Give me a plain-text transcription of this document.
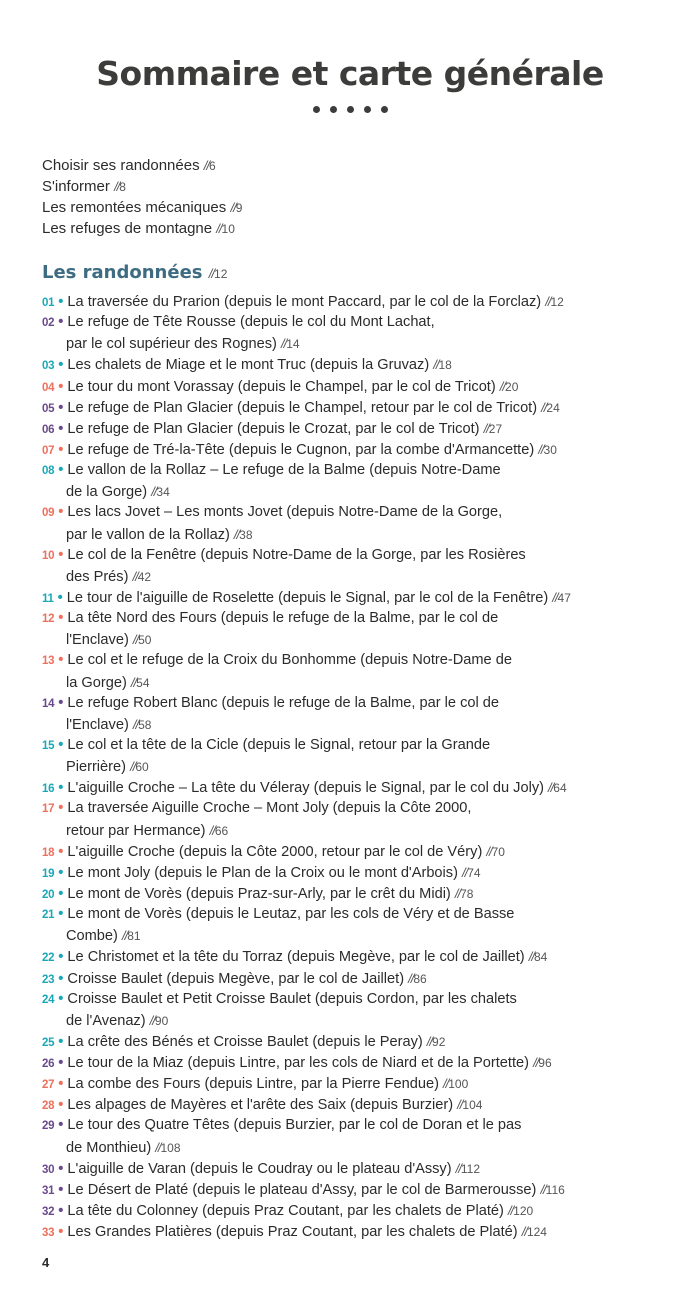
Sommaire et carte générale
Choisir ses randonnées //6
S'informer //8
Les remontées mécaniques //9
Les refuges de montagne //10
Les randonnées //12
01 • La traversée du Prarion (depuis le mont Paccard, par le col de la Forclaz) //12
02 • Le refuge de Tête Rousse (depuis le col du Mont Lachat,
par le col supérieur des Rognes) //14
03 • Les chalets de Miage et le mont Truc (depuis la Gruvaz) //18
04 • Le tour du mont Vorassay (depuis le Champel, par le col de Tricot) //20
05 • Le refuge de Plan Glacier (depuis le Champel, retour par le col de Tricot) //24
06 • Le refuge de Plan Glacier (depuis le Crozat, par le col de Tricot) //27
07 • Le refuge de Tré-la-Tête (depuis le Cugnon, par la combe d'Armancette) //30
08 • Le vallon de la Rollaz – Le refuge de la Balme (depuis Notre-Dame
de la Gorge) //34
09 • Les lacs Jovet – Les monts Jovet (depuis Notre-Dame de la Gorge,
par le vallon de la Rollaz) //38
10 • Le col de la Fenêtre (depuis Notre-Dame de la Gorge, par les Rosières
des Prés) //42
11 • Le tour de l'aiguille de Roselette (depuis le Signal, par le col de la Fenêtre) //47
12 • La tête Nord des Fours (depuis le refuge de la Balme, par le col de
l'Enclave) //50
13 • Le col et le refuge de la Croix du Bonhomme (depuis Notre-Dame de
la Gorge) //54
14 • Le refuge Robert Blanc (depuis le refuge de la Balme, par le col de
l'Enclave) //58
15 • Le col et la tête de la Cicle (depuis le Signal, retour par la Grande
Pierrière) //60
16 • L'aiguille Croche – La tête du Véleray (depuis le Signal, par le col du Joly) //64
17 • La traversée Aiguille Croche – Mont Joly (depuis la Côte 2000,
retour par Hermance) //66
18 • L'aiguille Croche (depuis la Côte 2000, retour par le col de Véry) //70
19 • Le mont Joly (depuis le Plan de la Croix ou le mont d'Arbois) //74
20 • Le mont de Vorès (depuis Praz-sur-Arly, par le crêt du Midi) //78
21 • Le mont de Vorès (depuis le Leutaz, par les cols de Véry et de Basse
Combe) //81
22 • Le Christomet et la tête du Torraz (depuis Megève, par le col de Jaillet) //84
23 • Croisse Baulet (depuis Megève, par le col de Jaillet) //86
24 • Croisse Baulet et Petit Croisse Baulet (depuis Cordon, par les chalets
de l'Avenaz) //90
25 • La crête des Bénés et Croisse Baulet (depuis le Peray) //92
26 • Le tour de la Miaz (depuis Lintre, par les cols de Niard et de la Portette) //96
27 • La combe des Fours (depuis Lintre, par la Pierre Fendue) //100
28 • Les alpages de Mayères et l'arête des Saix (depuis Burzier) //104
29 • Le tour des Quatre Têtes (depuis Burzier, par le col de Doran et le pas
de Monthieu) //108
30 • L'aiguille de Varan (depuis le Coudray ou le plateau d'Assy) //112
31 • Le Désert de Platé (depuis le plateau d'Assy, par le col de Barmerousse) //116
32 • La tête du Colonney (depuis Praz Coutant, par les chalets de Platé) //120
33 • Les Grandes Platières (depuis Praz Coutant, par les chalets de Platé) //124
4
